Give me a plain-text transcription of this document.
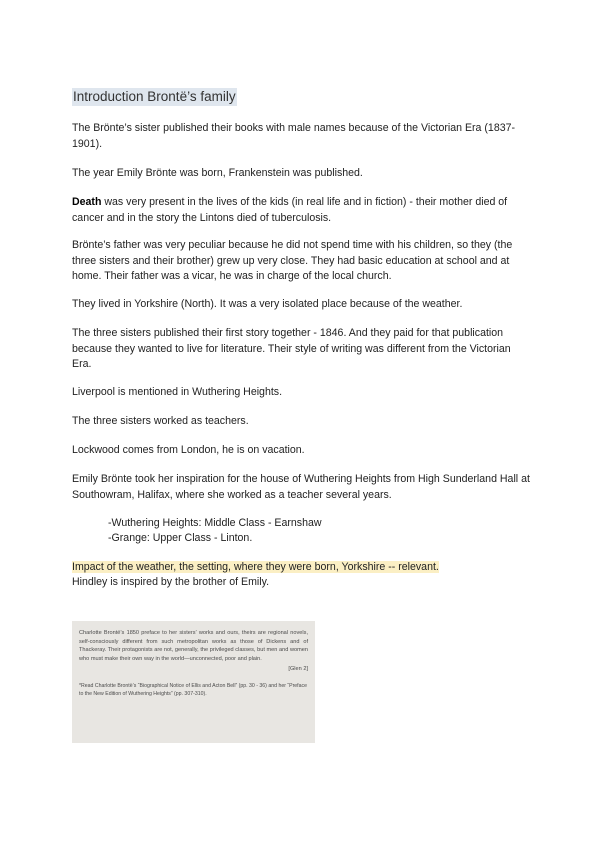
Introduction Brontë’s family

The Brönte’s sister published their books with male names because of the Victorian Era (1837-1901).

The year Emily Brönte was born, Frankenstein was published.

Death was very present in the lives of the kids (in real life and in fiction) - their mother died of cancer and in the story the Lintons died of tuberculosis.

Brönte’s father was very peculiar because he did not spend time with his children, so they (the three sisters and their brother) grew up very close. They had basic education at school and at home. Their father was a vicar, he was in charge of the local church.

They lived in Yorkshire (North). It was a very isolated place because of the weather.

The three sisters published their first story together - 1846. And they paid for that publication because they wanted to live for literature. Their style of writing was different from the Victorian Era.

Liverpool is mentioned in Wuthering Heights.

The three sisters worked as teachers.

Lockwood comes from London, he is on vacation.

Emily Brönte took her inspiration for the house of Wuthering Heights from High Sunderland Hall at Southowram, Halifax, where she worked as a teacher several years.

-Wuthering Heights: Middle Class - Earnshaw

-Grange: Upper Class - Linton.

Impact of the weather, the setting, where they were born, Yorkshire -- relevant.

Hindley is inspired by the brother of Emily.

Charlotte Brontë’s 1850 preface to her sisters’ works and ours, theirs are regional novels, self-consciously different from such metropolitan works as those of Dickens and of Thackeray. Their protagonists are not, generally, the privileged classes, but men and women who must make their own way in the world—unconnected, poor and plain.

[Glen 2]

*Read Charlotte Brontë’s “Biographical Notice of Ellis and Acton Bell” (pp. 30 - 36) and her “Preface to the New Edition of Wuthering Heights” (pp. 307-310).
